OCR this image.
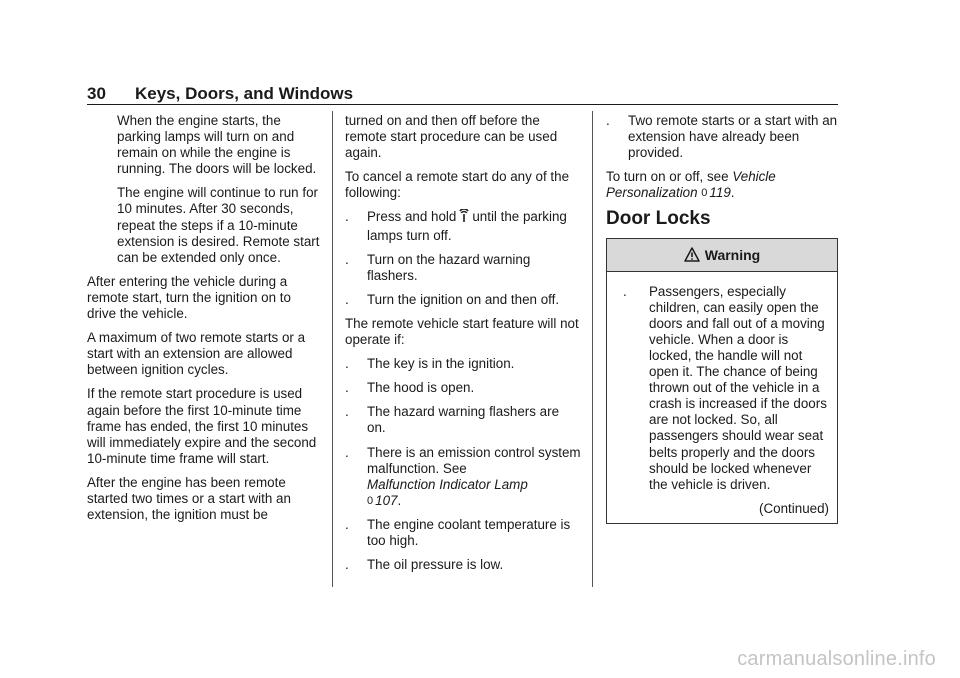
30 Keys, Doors, and Windows

When the engine starts, the parking lamps will turn on and remain on while the engine is running. The doors will be locked.

The engine will continue to run for 10 minutes. After 30 seconds, repeat the steps if a 10-minute extension is desired. Remote start can be extended only once.

After entering the vehicle during a remote start, turn the ignition on to drive the vehicle.

A maximum of two remote starts or a start with an extension are allowed between ignition cycles.

If the remote start procedure is used again before the first 10-minute time frame has ended, the first 10 minutes will immediately expire and the second 10-minute time frame will start.

After the engine has been remote started two times or a start with an extension, the ignition must be

turned on and then off before the remote start procedure can be used again.

To cancel a remote start do any of the following:

. Press and hold until the parking lamps turn off.
. Turn on the hazard warning flashers.
. Turn the ignition on and then off.

The remote vehicle start feature will not operate if:

. The key is in the ignition.
. The hood is open.
. The hazard warning flashers are on.
. There is an emission control system malfunction. See
Malfunction Indicator Lamp
0 107.
. The engine coolant temperature is too high.
. The oil pressure is low.
. Two remote starts or a start with an extension have already been provided.

To turn on or off, see Vehicle Personalization 0 119.

Door Locks
Warning
. Passengers, especially children, can easily open the doors and fall out of a moving vehicle. When a door is locked, the handle will not open it. The chance of being thrown out of the vehicle in a crash is increased if the doors are not locked. So, all passengers should wear seat belts properly and the doors should be locked whenever the vehicle is driven.
(Continued)
carmanualsonline.info
